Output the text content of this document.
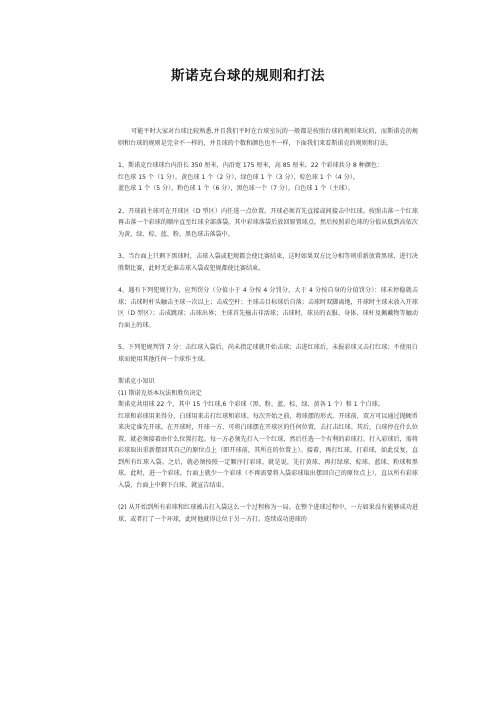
斯诺克台球的规则和打法

可能平时大家对台球比较熟悉,并且我们平时在台球室玩的一般都是按照台球的规则来玩的，而斯诺克的规则和台球的规则是完全不一样的，并且球的个数和颜色也不一样，下面我们来看斯诺克的规则和打法。

1、斯诺克台球球台内沿长 350 厘米，内沿宽 175 厘米，高 85 厘米。22 个彩球共分 8 种颜色：

红色球 15 个（1 分），黄色球 1 个（2 分），绿色球 1 个（3 分），棕色球 1 个（4 分），

蓝色球 1 个（5 分），粉色球 1 个（6 分），黑色球一个（7 分），白色球 1 个（主球）。

2、开球前主球可在开球区（D 型区）内任选一点位置。开球必须首先直接或间接击中红球。按照击落一个红球再击落一个彩球的顺序直至红球全部落袋。其中彩球落袋后放回原置球点。然后按照彩色球的分值从低到高依次为黄、绿、棕、蓝、粉、黑色球击落袋中。

3、当台面上只剩下黑球时，击球入袋或犯规都会使比赛结束，这时如果双方比分相等则重新放置黑球，进行决胜期比赛，此时无论谁击球入袋或犯规都使比赛结束。

4、遇有下列犯规行为，应判罚分（分值小于 4 分按 4 分罚分，大于 4 分按自身的分值罚分）：球未停稳就击球；击球时杆头触击主球一次以上；击成空杆；主球击目标球后自落；击球时双脚离地，开球时主球未放入开球区（D 型区）；击成跳球；击球出界；主球首先撞击非活球；击球时，球员的衣服、身体、球杆及佩戴物等触动台面上的球。

5、下列犯规判罚 7 分：击红球入袋后，尚未指定球就开始击球；击进红球后，未报彩球又击打红球；不使用白球而使用其他任何一个球作主球。

斯诺克小知识

(1) 斯诺克基本玩法和胜负决定

斯诺克共用球 22 个，其中 15 个红球,6 个彩球（黑、粉、蓝、棕、绿、黄各 1 个）和 1 个白球。

红球和彩球用来得分，白球用来击打红球和彩球。每次开始之前，将球摆的形式。开球前，双方可以通过抛硬币来决定谁先开球。在开球时，开球一方，可将白球摆在开球区的任何位置，去打击红球。其后，白球停在什么位置，就必须接着由什么位置打起。每一方必须先打入一个红球，然后任选一个有利的彩球打。打入彩球后，需将彩球取出重新摆回其自己的原位点上（即开球前，其所在的位置上）。接着，再打红球，打彩球，如此反复，直到所有红球入袋。之后，就必须按照一定顺序打彩球。就是说，先打黄球、再打绿球、棕球、蓝球、粉球和黑球。此时，进一个彩球，台面上就少一个彩球（不再需要将入袋彩球取出摆回自己的原位点上），直以所有彩球入袋，台面上中剩下白球，就宣告结束。

(2) 从开始到所有彩球和红球被击打入袋这么一个过程称为一局。在整个进球过程中，一方如果没有能够成功进球，或者打了一个坏球，此时他就得让位于另一方打。连续成功进球的
